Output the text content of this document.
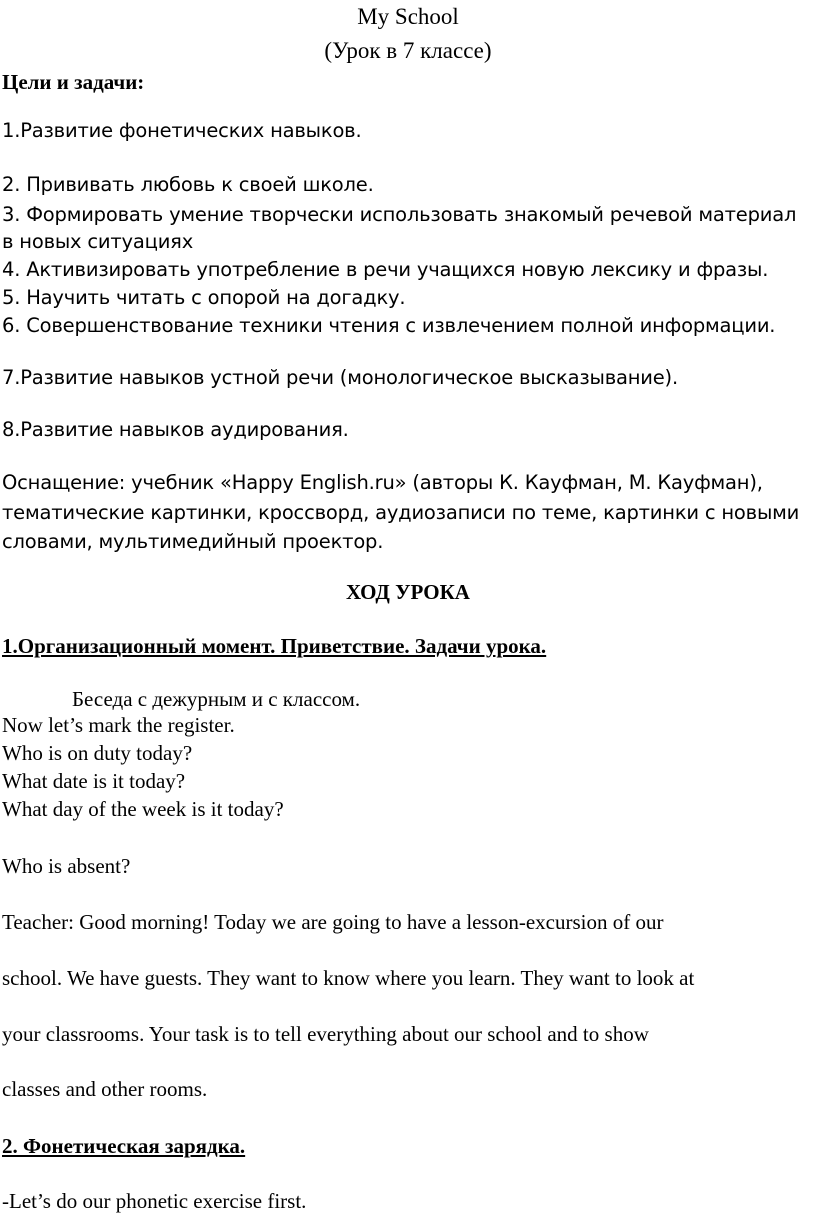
My School
(Урок в 7 классе)
Цели и задачи:
1.Развитие фонетических навыков.
2. Прививать любовь к своей школе.
3. Формировать умение творчески использовать знакомый речевой материал
в новых ситуациях
4. Активизировать употребление в речи учащихся новую лексику и фразы.
5. Научить читать с опорой на догадку.
6. Совершенствование техники чтения с извлечением полной информации.
7.Развитие навыков устной речи (монологическое высказывание).
8.Развитие навыков аудирования.
Оснащение: учебник «Happy English.ru» (авторы К. Кауфман, М. Кауфман),
тематические картинки, кроссворд, аудиозаписи по теме, картинки с новыми
словами, мультимедийный проектор.
ХОД УРОКА
1.Организационный момент. Приветствие. Задачи урока.
Беседа с дежурным и с классом.
Now let’s mark the register.
Who is on duty today?
What date is it today?
What day of the week is it today?
Who is absent?
Teacher: Good morning! Today we are going to have a lesson-excursion of our
school. We have guests. They want to know where you learn. They want to look at
your classrooms. Your task is to tell everything about our school and to show
classes and other rooms.
2. Фонетическая зарядка.
-Let’s do our phonetic exercise first.
